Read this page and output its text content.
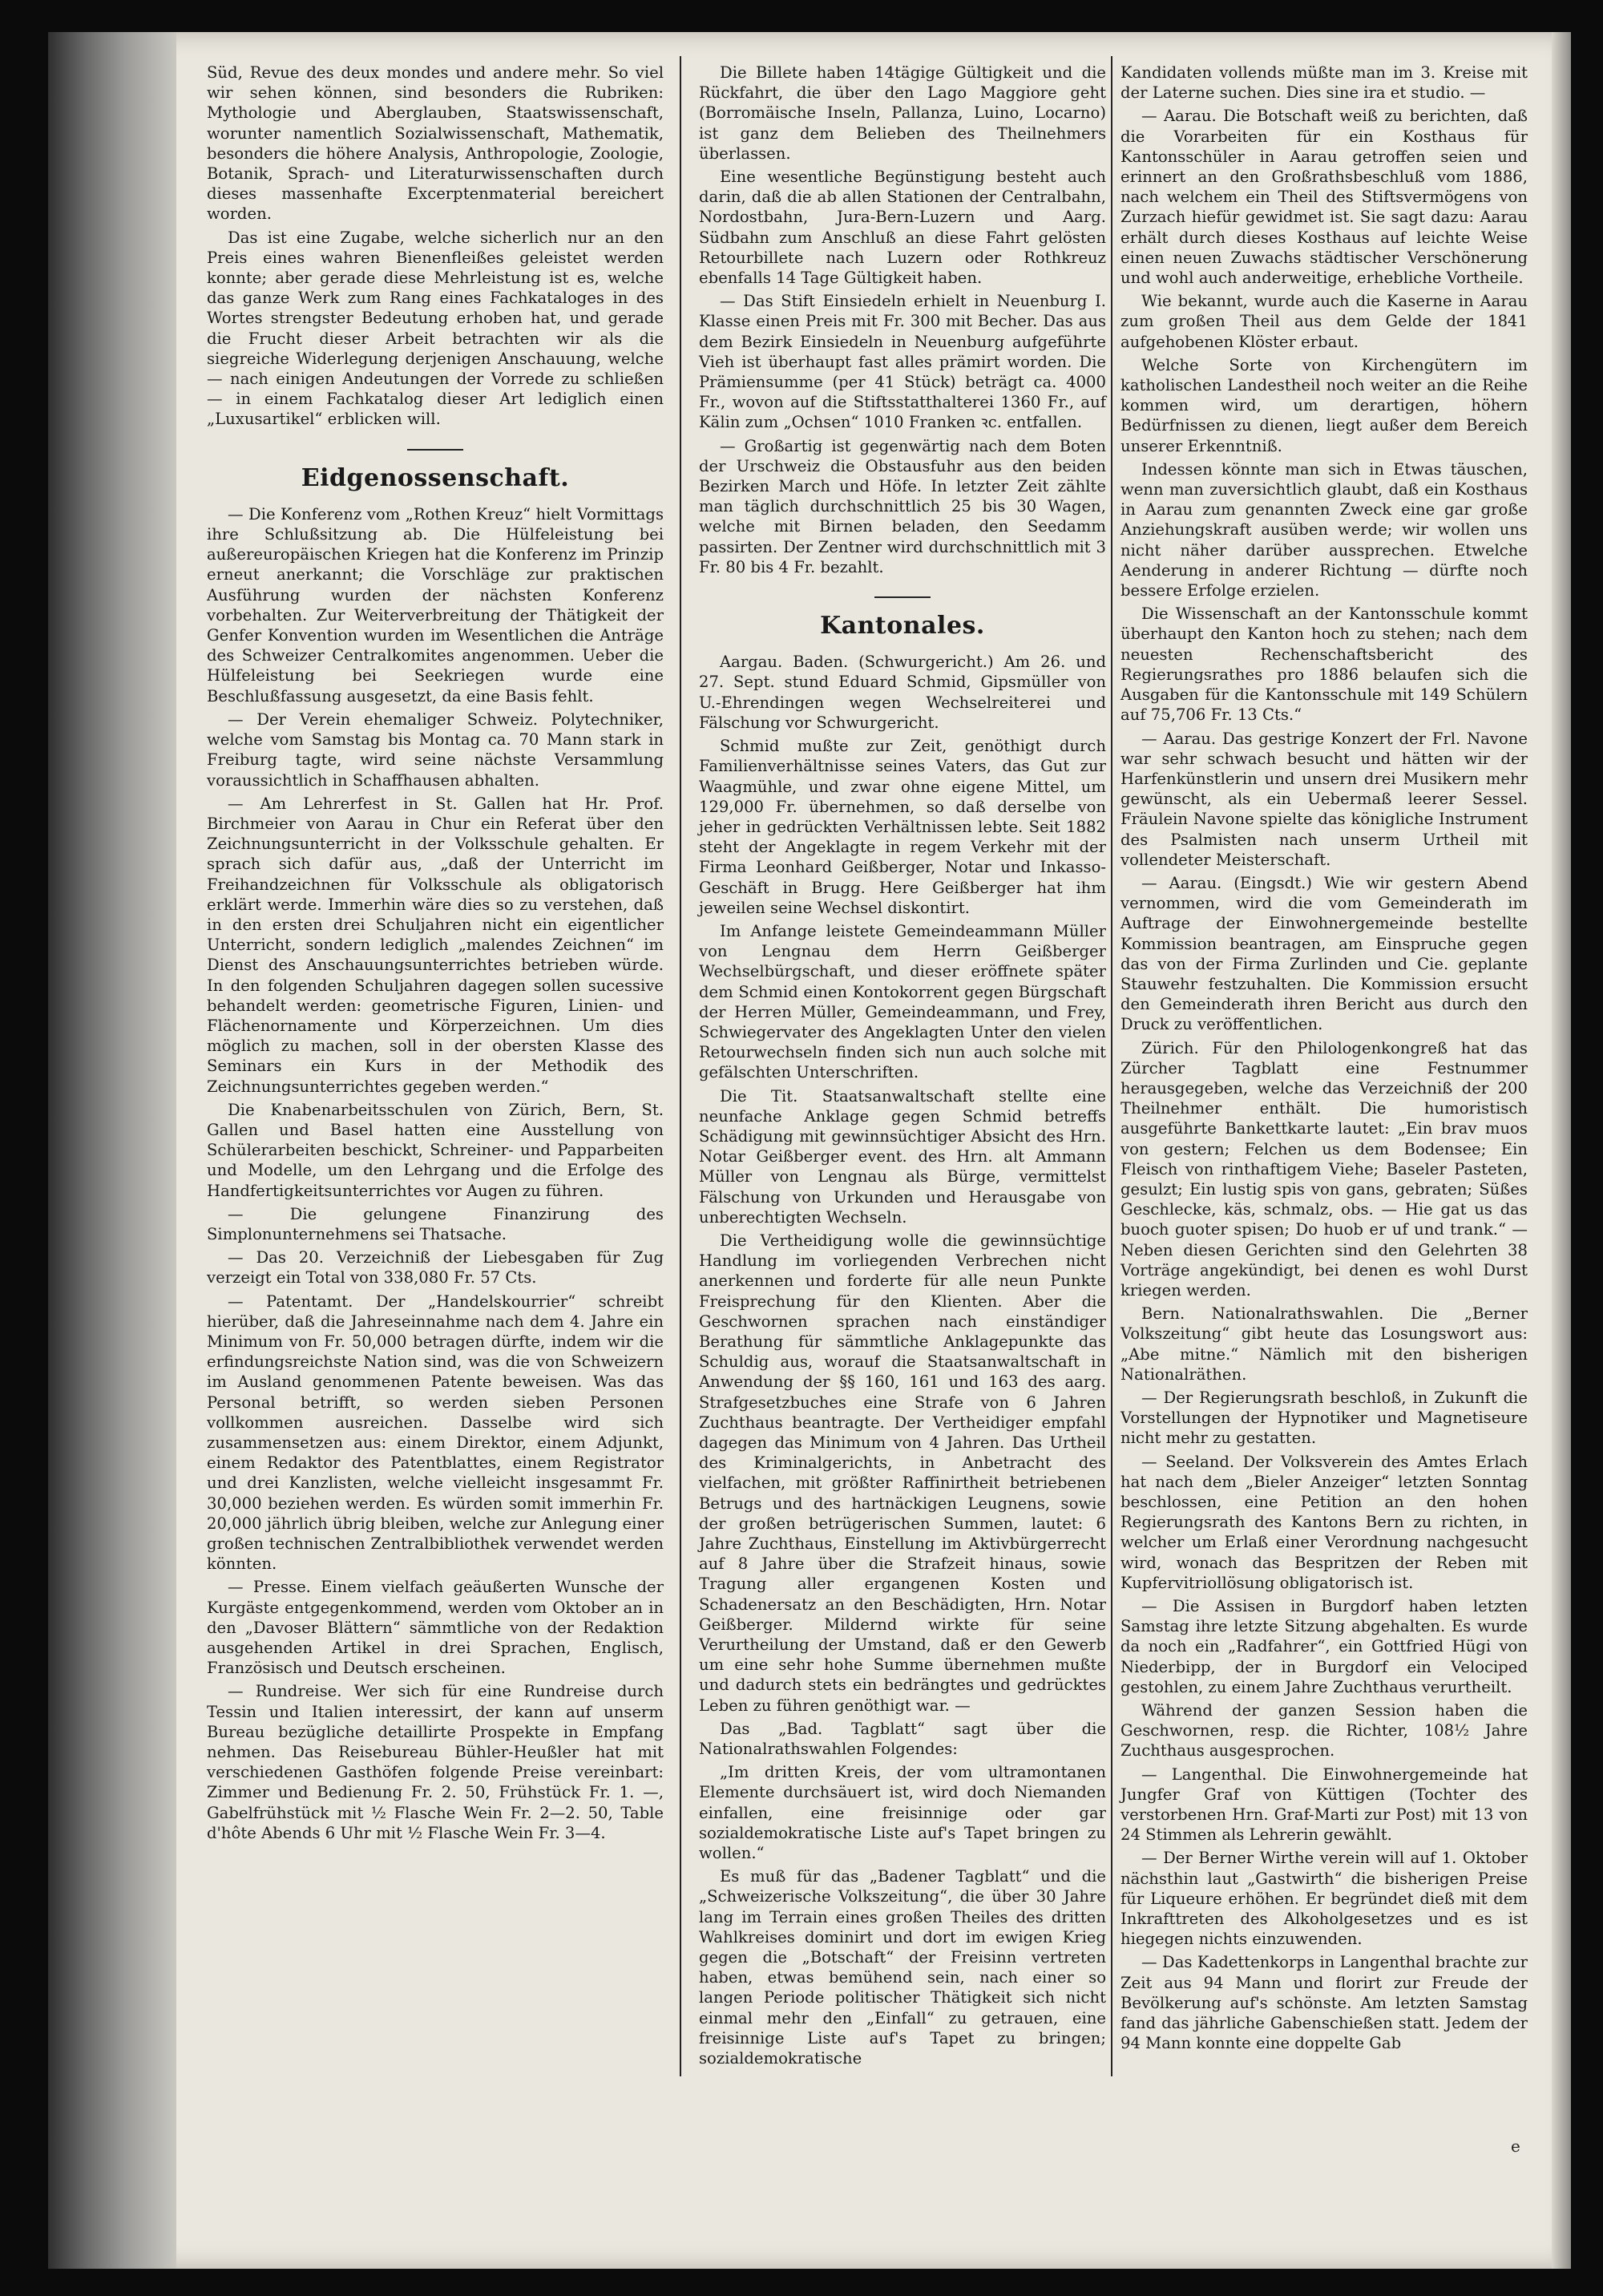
Süd, Revue des deux mondes und andere mehr. So viel wir sehen können, sind besonders die Rubriken: Mythologie und Aberglauben, Staatswissenschaft, worunter namentlich Sozialwissenschaft, Mathematik, besonders die höhere Analysis, Anthropologie, Zoologie, Botanik, Sprach- und Literaturwissenschaften durch dieses massenhafte Excerptenmaterial bereichert worden.

Das ist eine Zugabe, welche sicherlich nur an den Preis eines wahren Bienenfleißes geleistet werden konnte; aber gerade diese Mehrleistung ist es, welche das ganze Werk zum Rang eines Fachkataloges in des Wortes strengster Bedeutung erhoben hat, und gerade die Frucht dieser Arbeit betrachten wir als die siegreiche Widerlegung derjenigen Anschauung, welche — nach einigen Andeutungen der Vorrede zu schließen — in einem Fachkatalog dieser Art lediglich einen „Luxusartikel“ erblicken will.

Eidgenossenschaft.

— Die Konferenz vom „Rothen Kreuz“ hielt Vormittags ihre Schlußsitzung ab. Die Hülfeleistung bei außereuropäischen Kriegen hat die Konferenz im Prinzip erneut anerkannt; die Vorschläge zur praktischen Ausführung wurden der nächsten Konferenz vorbehalten. Zur Weiterverbreitung der Thätigkeit der Genfer Konvention wurden im Wesentlichen die Anträge des Schweizer Centralkomites angenommen. Ueber die Hülfeleistung bei Seekriegen wurde eine Beschlußfassung ausgesetzt, da eine Basis fehlt.

— Der Verein ehemaliger Schweiz. Polytechniker, welche vom Samstag bis Montag ca. 70 Mann stark in Freiburg tagte, wird seine nächste Versammlung voraussichtlich in Schaffhausen abhalten.

— Am Lehrerfest in St. Gallen hat Hr. Prof. Birchmeier von Aarau in Chur ein Referat über den Zeichnungsunterricht in der Volksschule gehalten. Er sprach sich dafür aus, „daß der Unterricht im Freihandzeichnen für Volksschule als obligatorisch erklärt werde. Immerhin wäre dies so zu verstehen, daß in den ersten drei Schuljahren nicht ein eigentlicher Unterricht, sondern lediglich „malendes Zeichnen“ im Dienst des Anschauungsunterrichtes betrieben würde. In den folgenden Schuljahren dagegen sollen sucessive behandelt werden: geometrische Figuren, Linien- und Flächenornamente und Körperzeichnen. Um dies möglich zu machen, soll in der obersten Klasse des Seminars ein Kurs in der Methodik des Zeichnungsunterrichtes gegeben werden.“

Die Knabenarbeitsschulen von Zürich, Bern, St. Gallen und Basel hatten eine Ausstellung von Schülerarbeiten beschickt, Schreiner- und Papparbeiten und Modelle, um den Lehrgang und die Erfolge des Handfertigkeitsunterrichtes vor Augen zu führen.

— Die gelungene Finanzirung des Simplonunternehmens sei Thatsache.

— Das 20. Verzeichniß der Liebesgaben für Zug verzeigt ein Total von 338,080 Fr. 57 Cts.

— Patentamt. Der „Handelskourrier“ schreibt hierüber, daß die Jahreseinnahme nach dem 4. Jahre ein Minimum von Fr. 50,000 betragen dürfte, indem wir die erfindungsreichste Nation sind, was die von Schweizern im Ausland genommenen Patente beweisen. Was das Personal betrifft, so werden sieben Personen vollkommen ausreichen. Dasselbe wird sich zusammensetzen aus: einem Direktor, einem Adjunkt, einem Redaktor des Patentblattes, einem Registrator und drei Kanzlisten, welche vielleicht insgesammt Fr. 30,000 beziehen werden. Es würden somit immerhin Fr. 20,000 jährlich übrig bleiben, welche zur Anlegung einer großen technischen Zentralbibliothek verwendet werden könnten.

— Presse. Einem vielfach geäußerten Wunsche der Kurgäste entgegenkommend, werden vom Oktober an in den „Davoser Blättern“ sämmtliche von der Redaktion ausgehenden Artikel in drei Sprachen, Englisch, Französisch und Deutsch erscheinen.

— Rundreise. Wer sich für eine Rundreise durch Tessin und Italien interessirt, der kann auf unserm Bureau bezügliche detaillirte Prospekte in Empfang nehmen. Das Reisebureau Bühler-Heußler hat mit verschiedenen Gasthöfen folgende Preise vereinbart: Zimmer und Bedienung Fr. 2. 50, Frühstück Fr. 1. —, Gabelfrühstück mit ½ Flasche Wein Fr. 2—2. 50, Table d'hôte Abends 6 Uhr mit ½ Flasche Wein Fr. 3—4.

Die Billete haben 14tägige Gültigkeit und die Rückfahrt, die über den Lago Maggiore geht (Borromäische Inseln, Pallanza, Luino, Locarno) ist ganz dem Belieben des Theilnehmers überlassen.

Eine wesentliche Begünstigung besteht auch darin, daß die ab allen Stationen der Centralbahn, Nordostbahn, Jura-Bern-Luzern und Aarg. Südbahn zum Anschluß an diese Fahrt gelösten Retourbillete nach Luzern oder Rothkreuz ebenfalls 14 Tage Gültigkeit haben.

— Das Stift Einsiedeln erhielt in Neuenburg I. Klasse einen Preis mit Fr. 300 mit Becher. Das aus dem Bezirk Einsiedeln in Neuenburg aufgeführte Vieh ist überhaupt fast alles prämirt worden. Die Prämiensumme (per 41 Stück) beträgt ca. 4000 Fr., wovon auf die Stiftsstatthalterei 1360 Fr., auf Kälin zum „Ochsen“ 1010 Franken ꝛc. entfallen.

— Großartig ist gegenwärtig nach dem Boten der Urschweiz die Obstausfuhr aus den beiden Bezirken March und Höfe. In letzter Zeit zählte man täglich durchschnittlich 25 bis 30 Wagen, welche mit Birnen beladen, den Seedamm passirten. Der Zentner wird durchschnittlich mit 3 Fr. 80 bis 4 Fr. bezahlt.

Kantonales.

Aargau. Baden. (Schwurgericht.) Am 26. und 27. Sept. stund Eduard Schmid, Gipsmüller von U.-Ehrendingen wegen Wechselreiterei und Fälschung vor Schwurgericht.

Schmid mußte zur Zeit, genöthigt durch Familienverhältnisse seines Vaters, das Gut zur Waagmühle, und zwar ohne eigene Mittel, um 129,000 Fr. übernehmen, so daß derselbe von jeher in gedrückten Verhältnissen lebte. Seit 1882 steht der Angeklagte in regem Verkehr mit der Firma Leonhard Geißberger, Notar und Inkasso-Geschäft in Brugg. Here Geißberger hat ihm jeweilen seine Wechsel diskontirt.

Im Anfange leistete Gemeindeammann Müller von Lengnau dem Herrn Geißberger Wechselbürgschaft, und dieser eröffnete später dem Schmid einen Kontokorrent gegen Bürgschaft der Herren Müller, Gemeindeammann, und Frey, Schwiegervater des Angeklagten Unter den vielen Retourwechseln finden sich nun auch solche mit gefälschten Unterschriften.

Die Tit. Staatsanwaltschaft stellte eine neunfache Anklage gegen Schmid betreffs Schädigung mit gewinnsüchtiger Absicht des Hrn. Notar Geißberger event. des Hrn. alt Ammann Müller von Lengnau als Bürge, vermittelst Fälschung von Urkunden und Herausgabe von unberechtigten Wechseln.

Die Vertheidigung wolle die gewinnsüchtige Handlung im vorliegenden Verbrechen nicht anerkennen und forderte für alle neun Punkte Freisprechung für den Klienten. Aber die Geschwornen sprachen nach einständiger Berathung für sämmtliche Anklagepunkte das Schuldig aus, worauf die Staatsanwaltschaft in Anwendung der §§ 160, 161 und 163 des aarg. Strafgesetzbuches eine Strafe von 6 Jahren Zuchthaus beantragte. Der Vertheidiger empfahl dagegen das Minimum von 4 Jahren. Das Urtheil des Kriminalgerichts, in Anbetracht des vielfachen, mit größter Raffinirtheit betriebenen Betrugs und des hartnäckigen Leugnens, sowie der großen betrügerischen Summen, lautet: 6 Jahre Zuchthaus, Einstellung im Aktivbürgerrecht auf 8 Jahre über die Strafzeit hinaus, sowie Tragung aller ergangenen Kosten und Schadenersatz an den Beschädigten, Hrn. Notar Geißberger. Mildernd wirkte für seine Verurtheilung der Umstand, daß er den Gewerb um eine sehr hohe Summe übernehmen mußte und dadurch stets ein bedrängtes und gedrücktes Leben zu führen genöthigt war. —

Das „Bad. Tagblatt“ sagt über die Nationalrathswahlen Folgendes:

„Im dritten Kreis, der vom ultramontanen Elemente durchsäuert ist, wird doch Niemanden einfallen, eine freisinnige oder gar sozialdemokratische Liste auf's Tapet bringen zu wollen.“

Es muß für das „Badener Tagblatt“ und die „Schweizerische Volkszeitung“, die über 30 Jahre lang im Terrain eines großen Theiles des dritten Wahlkreises dominirt und dort im ewigen Krieg gegen die „Botschaft“ der Freisinn vertreten haben, etwas bemühend sein, nach einer so langen Periode politischer Thätigkeit sich nicht einmal mehr den „Einfall“ zu getrauen, eine freisinnige Liste auf's Tapet zu bringen; sozialdemokratische

Kandidaten vollends müßte man im 3. Kreise mit der Laterne suchen. Dies sine ira et studio. —

— Aarau. Die Botschaft weiß zu berichten, daß die Vorarbeiten für ein Kosthaus für Kantonsschüler in Aarau getroffen seien und erinnert an den Großrathsbeschluß vom 1886, nach welchem ein Theil des Stiftsvermögens von Zurzach hiefür gewidmet ist. Sie sagt dazu: Aarau erhält durch dieses Kosthaus auf leichte Weise einen neuen Zuwachs städtischer Verschönerung und wohl auch anderweitige, erhebliche Vortheile.

Wie bekannt, wurde auch die Kaserne in Aarau zum großen Theil aus dem Gelde der 1841 aufgehobenen Klöster erbaut.

Welche Sorte von Kirchengütern im katholischen Landestheil noch weiter an die Reihe kommen wird, um derartigen, höhern Bedürfnissen zu dienen, liegt außer dem Bereich unserer Erkenntniß.

Indessen könnte man sich in Etwas täuschen, wenn man zuversichtlich glaubt, daß ein Kosthaus in Aarau zum genannten Zweck eine gar große Anziehungskraft ausüben werde; wir wollen uns nicht näher darüber aussprechen. Etwelche Aenderung in anderer Richtung — dürfte noch bessere Erfolge erzielen.

Die Wissenschaft an der Kantonsschule kommt überhaupt den Kanton hoch zu stehen; nach dem neuesten Rechenschaftsbericht des Regierungsrathes pro 1886 belaufen sich die Ausgaben für die Kantonsschule mit 149 Schülern auf 75,706 Fr. 13 Cts.“

— Aarau. Das gestrige Konzert der Frl. Navone war sehr schwach besucht und hätten wir der Harfenkünstlerin und unsern drei Musikern mehr gewünscht, als ein Uebermaß leerer Sessel. Fräulein Navone spielte das königliche Instrument des Psalmisten nach unserm Urtheil mit vollendeter Meisterschaft.

— Aarau. (Eingsdt.) Wie wir gestern Abend vernommen, wird die vom Gemeinderath im Auftrage der Einwohnergemeinde bestellte Kommission beantragen, am Einspruche gegen das von der Firma Zurlinden und Cie. geplante Stauwehr festzuhalten. Die Kommission ersucht den Gemeinderath ihren Bericht aus durch den Druck zu veröffentlichen.

Zürich. Für den Philologenkongreß hat das Zürcher Tagblatt eine Festnummer herausgegeben, welche das Verzeichniß der 200 Theilnehmer enthält. Die humoristisch ausgeführte Bankettkarte lautet: „Ein brav muos von gestern; Felchen us dem Bodensee; Ein Fleisch von rinthaftigem Viehe; Baseler Pasteten, gesulzt; Ein lustig spis von gans, gebraten; Süßes Geschlecke, käs, schmalz, obs. — Hie gat us das buoch guoter spisen; Do huob er uf und trank.“ — Neben diesen Gerichten sind den Gelehrten 38 Vorträge angekündigt, bei denen es wohl Durst kriegen werden.

Bern. Nationalrathswahlen. Die „Berner Volkszeitung“ gibt heute das Losungswort aus: „Abe mitne.“ Nämlich mit den bisherigen Nationalräthen.

— Der Regierungsrath beschloß, in Zukunft die Vorstellungen der Hypnotiker und Magnetiseure nicht mehr zu gestatten.

— Seeland. Der Volksverein des Amtes Erlach hat nach dem „Bieler Anzeiger“ letzten Sonntag beschlossen, eine Petition an den hohen Regierungsrath des Kantons Bern zu richten, in welcher um Erlaß einer Verordnung nachgesucht wird, wonach das Bespritzen der Reben mit Kupfervitriollösung obligatorisch ist.

— Die Assisen in Burgdorf haben letzten Samstag ihre letzte Sitzung abgehalten. Es wurde da noch ein „Radfahrer“, ein Gottfried Hügi von Niederbipp, der in Burgdorf ein Velociped gestohlen, zu einem Jahre Zuchthaus verurtheilt.

Während der ganzen Session haben die Geschwornen, resp. die Richter, 108½ Jahre Zuchthaus ausgesprochen.

— Langenthal. Die Einwohnergemeinde hat Jungfer Graf von Küttigen (Tochter des verstorbenen Hrn. Graf-Marti zur Post) mit 13 von 24 Stimmen als Lehrerin gewählt.

— Der Berner Wirthe verein will auf 1. Oktober nächsthin laut „Gastwirth“ die bisherigen Preise für Liqueure erhöhen. Er begründet dieß mit dem Inkrafttreten des Alkoholgesetzes und es ist hiegegen nichts einzuwenden.

— Das Kadettenkorps in Langenthal brachte zur Zeit aus 94 Mann und florirt zur Freude der Bevölkerung auf's schönste. Am letzten Samstag fand das jährliche Gabenschießen statt. Jedem der 94 Mann konnte eine doppelte Gab

e
